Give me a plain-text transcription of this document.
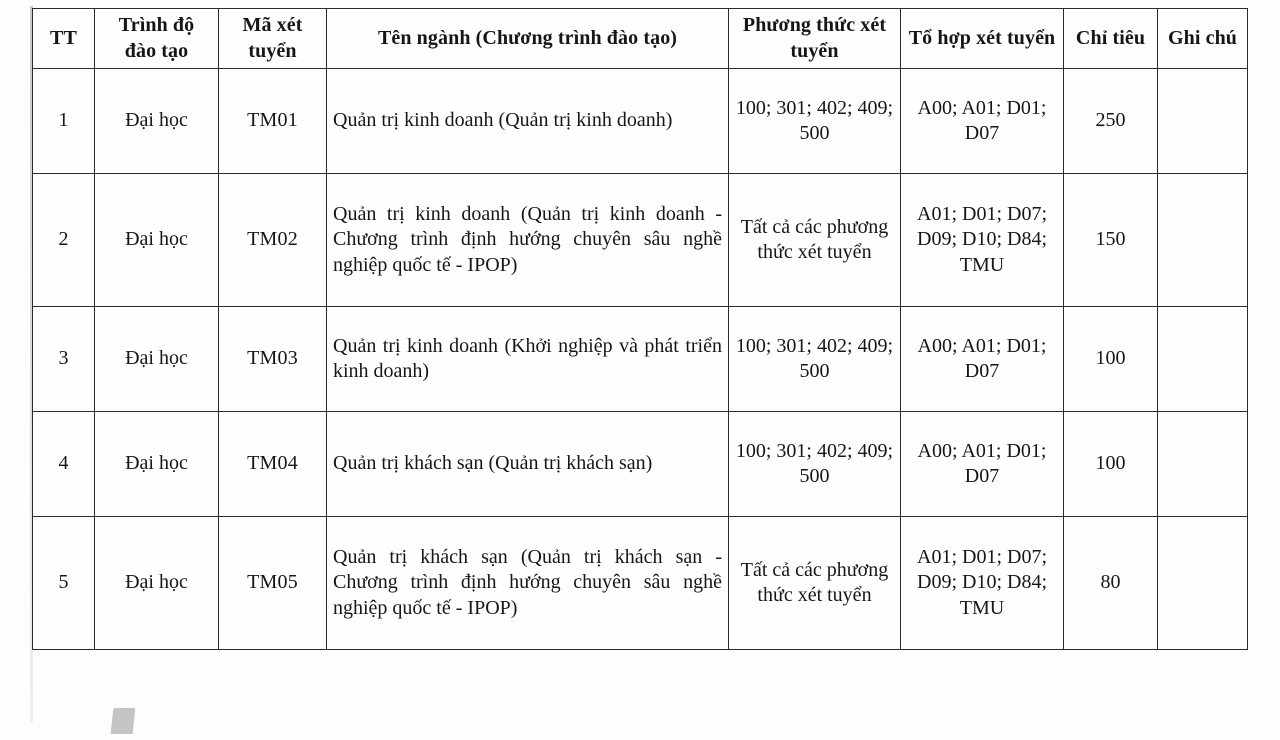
TT	Trình độ đào tạo	Mã xét tuyển	Tên ngành (Chương trình đào tạo)	Phương thức xét tuyển	Tổ hợp xét tuyển	Chỉ tiêu	Ghi chú
1	Đại học	TM01	Quản trị kinh doanh (Quản trị kinh doanh)	100; 301; 402; 409; 500	A00; A01; D01; D07	250	
2	Đại học	TM02	Quản trị kinh doanh (Quản trị kinh doanh - Chương trình định hướng chuyên sâu nghề nghiệp quốc tế - IPOP)	Tất cả các phương thức xét tuyển	A01; D01; D07; D09; D10; D84; TMU	150	
3	Đại học	TM03	Quản trị kinh doanh (Khởi nghiệp và phát triển kinh doanh)	100; 301; 402; 409; 500	A00; A01; D01; D07	100	
4	Đại học	TM04	Quản trị khách sạn (Quản trị khách sạn)	100; 301; 402; 409; 500	A00; A01; D01; D07	100	
5	Đại học	TM05	Quản trị khách sạn (Quản trị khách sạn - Chương trình định hướng chuyên sâu nghề nghiệp quốc tế - IPOP)	Tất cả các phương thức xét tuyển	A01; D01; D07; D09; D10; D84; TMU	80	
